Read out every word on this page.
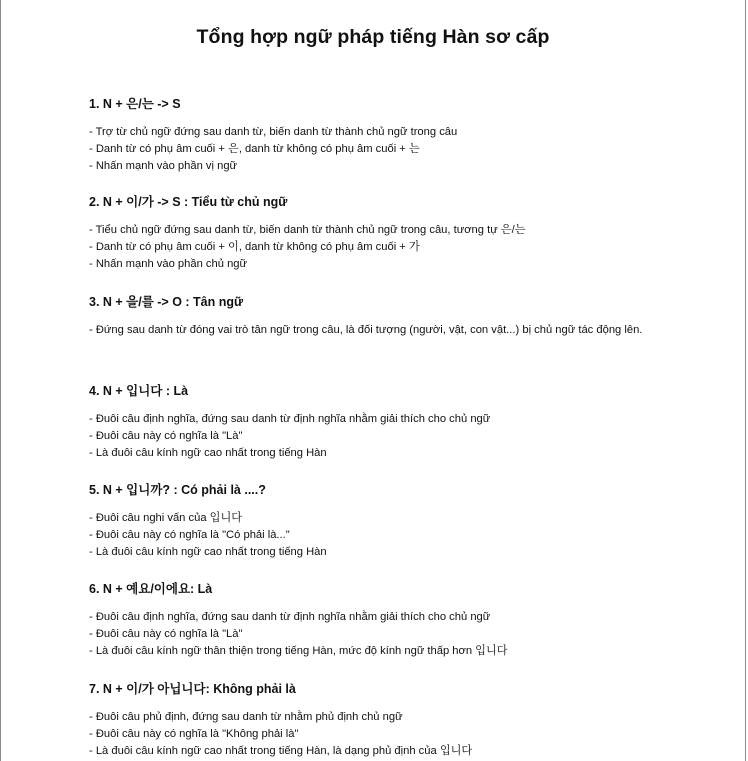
Tổng hợp ngữ pháp tiếng Hàn sơ cấp

1. N + 은/는 -> S

- Trợ từ chủ ngữ đứng sau danh từ, biến danh từ thành chủ ngữ trong câu

- Danh từ có phụ âm cuối + 은, danh từ không có phụ âm cuối + 는

- Nhấn mạnh vào phần vị ngữ

2. N + 이/가 -> S : Tiểu từ chủ ngữ

- Tiểu chủ ngữ đứng sau danh từ, biến danh từ thành chủ ngữ trong câu, tương tự 은/는

- Danh từ có phụ âm cuối + 이, danh từ không có phụ âm cuối + 가

- Nhấn mạnh vào phần chủ ngữ

3. N + 을/를 -> O : Tân ngữ

- Đứng sau danh từ đóng vai trò tân ngữ trong câu, là đối tượng (người, vật, con vật...) bị chủ ngữ tác động lên.

4. N + 입니다 : Là

- Đuôi câu định nghĩa, đứng sau danh từ định nghĩa nhằm giải thích cho chủ ngữ

- Đuôi câu này có nghĩa là "Là"

- Là đuôi câu kính ngữ cao nhất trong tiếng Hàn

5. N + 입니까? : Có phải là ....?

- Đuôi câu nghi vấn của 입니다

- Đuôi câu này có nghĩa là "Có phải là..."

- Là đuôi câu kính ngữ cao nhất trong tiếng Hàn

6. N + 예요/이에요: Là

- Đuôi câu định nghĩa, đứng sau danh từ định nghĩa nhằm giải thích cho chủ ngữ

- Đuôi câu này có nghĩa là "Là"

- Là đuôi câu kính ngữ thân thiện trong tiếng Hàn, mức độ kính ngữ thấp hơn 입니다

7. N + 이/가 아닙니다: Không phải là

- Đuôi câu phủ định, đứng sau danh từ nhằm phủ định chủ ngữ

- Đuôi câu này có nghĩa là "Không phải là"

- Là đuôi câu kính ngữ cao nhất trong tiếng Hàn, là dạng phủ định của 입니다
